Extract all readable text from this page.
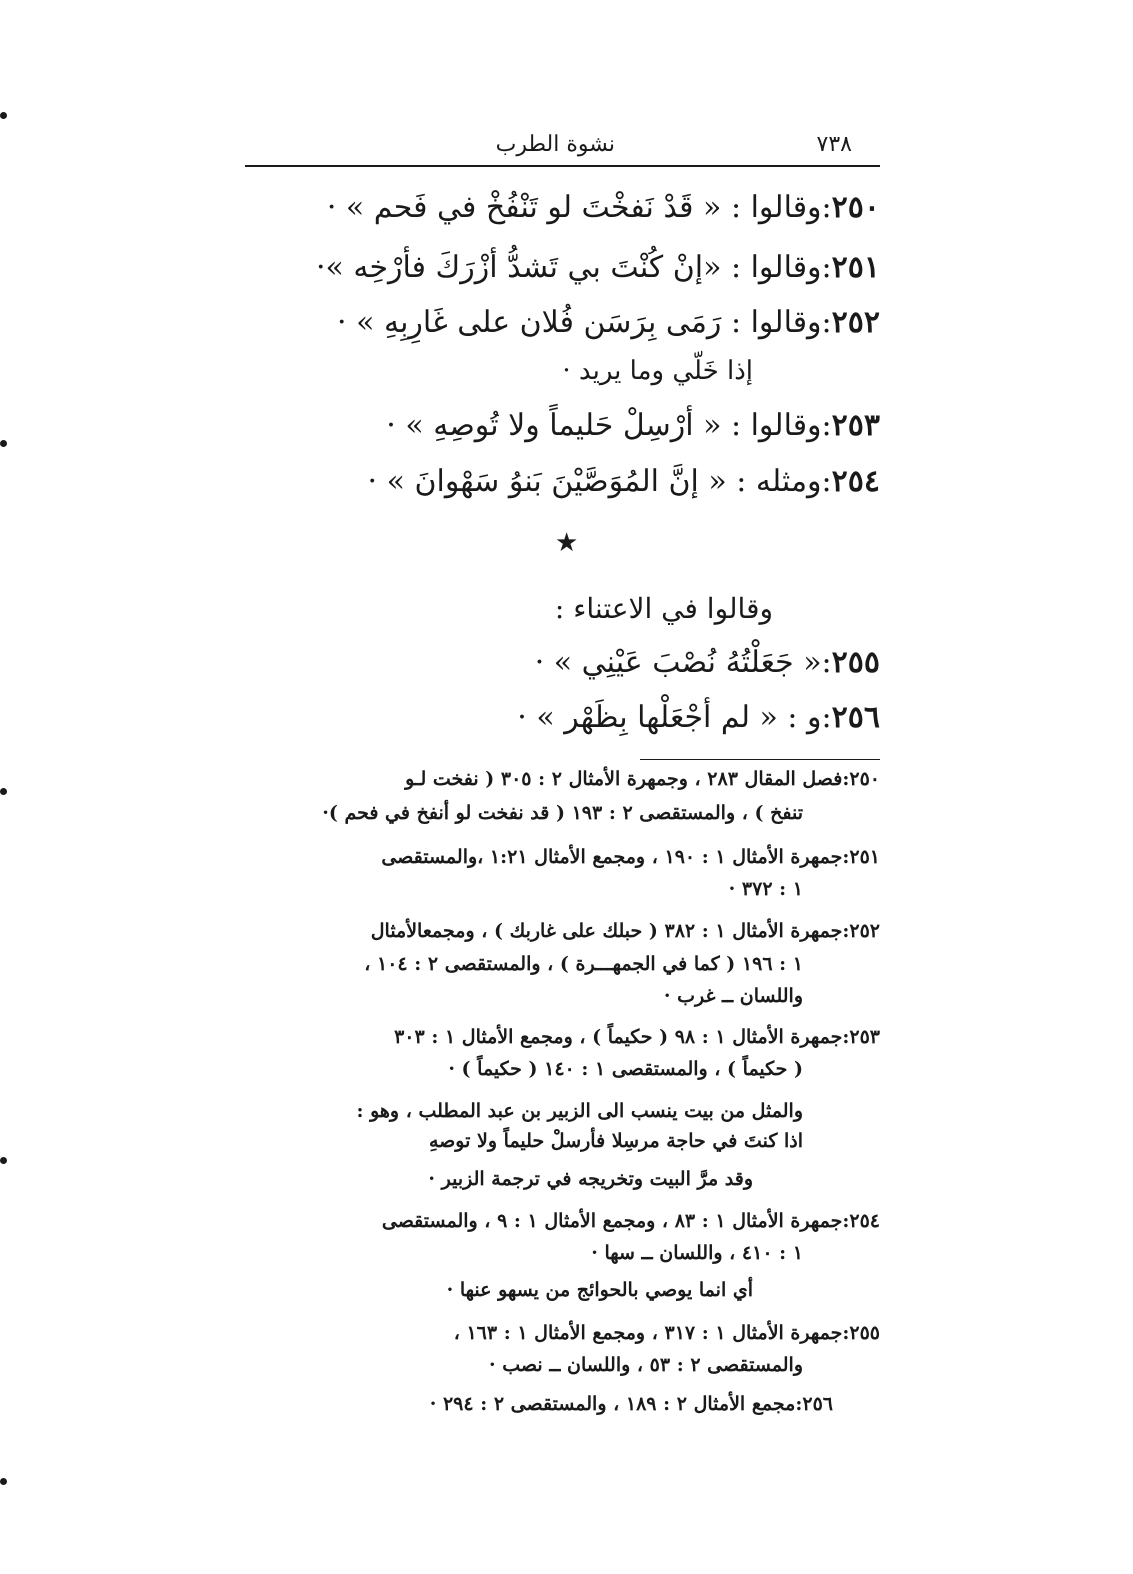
نشوة الطرب	٧٣٨
٢٥٠:وقالوا : « قَدْ نَفخْتَ لو تَنْفُخْ في فَحم » ·
٢٥١:وقالوا : «إنْ كُنْتَ بي تَشدُّ أزْرَكَ فأرْخِه »·
٢٥٢:وقالوا : رَمَى بِرَسَن فُلان على غَارِبِهِ » ·
إذا خَلّي وما يريد ·
٢٥٣:وقالوا : « أرْسِلْ حَليماً ولا تُوصِهِ » ·
٢٥٤:ومثله : « إنَّ المُوَصَّيْنَ بَنوُ سَهْوانَ » ·
★
وقالوا في الاعتناء :
٢٥٥:« جَعَلْتُهُ نُصْبَ عَيْنِي » ·
٢٥٦:و : « لم أجْعَلْها بِظَهْر » ·
٢٥٠:فصل المقال ٢٨٣ ، وجمهرة الأمثال ٢ : ٣٠٥ ( نفخت لـو
تنفخ ) ، والمستقصى ٢ : ١٩٣ ( قد نفخت لو أنفخ في فحم )·
٢٥١:جمهرة الأمثال ١ : ١٩٠ ، ومجمع الأمثال ١:٢١ ،والمستقصى
١ : ٣٧٢ ·
٢٥٢:جمهرة الأمثال ١ : ٣٨٢ ( حبلك على غاربك ) ، ومجمعالأمثال
١ : ١٩٦ ( كما في الجمهـــرة ) ، والمستقصى ٢ : ١٠٤ ،
واللسان ــ غرب ·
٢٥٣:جمهرة الأمثال ١ : ٩٨ ( حكيماً ) ، ومجمع الأمثال ١ : ٣٠٣
( حكيماً ) ، والمستقصى ١ : ١٤٠ ( حكيماً ) ·
والمثل من بيت ينسب الى الزبير بن عبد المطلب ، وهو :
اذا كنتَ في حاجة مرسِلا فأرسلْ حليماً ولا توصهِ
وقد مرَّ البيت وتخريجه في ترجمة الزبير ·
٢٥٤:جمهرة الأمثال ١ : ٨٣ ، ومجمع الأمثال ١ : ٩ ، والمستقصى
١ : ٤١٠ ، واللسان ــ سها ·
أي انما يوصي بالحوائج من يسهو عنها ·
٢٥٥:جمهرة الأمثال ١ : ٣١٧ ، ومجمع الأمثال ١ : ١٦٣ ،
والمستقصى ٢ : ٥٣ ، واللسان ــ نصب ·
٢٥٦:مجمع الأمثال ٢ : ١٨٩ ، والمستقصى ٢ : ٢٩٤ ·
